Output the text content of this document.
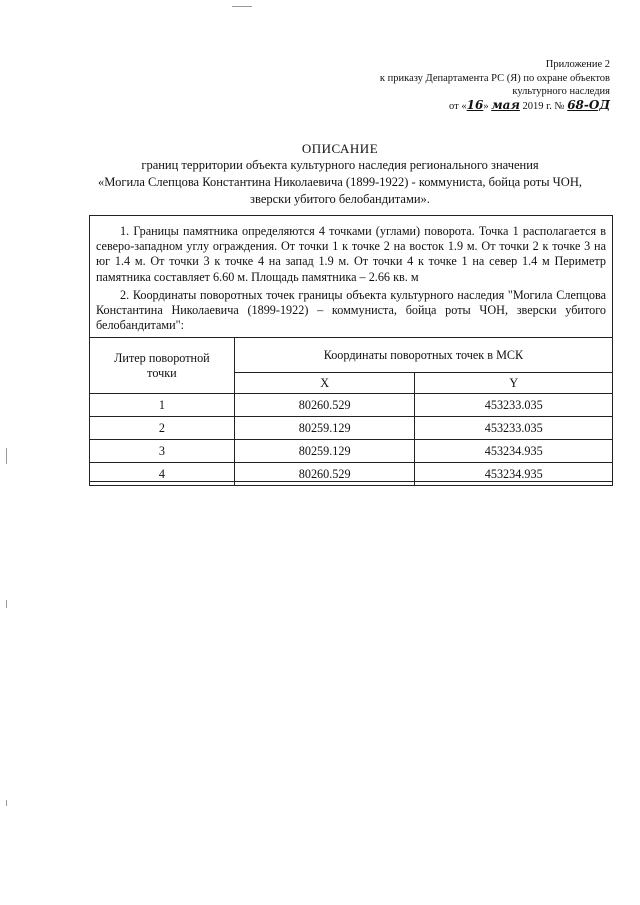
Приложение 2
к приказу Департамента РС (Я) по охране объектов
культурного наследия
от «16» мая 2019 г. № 68-ОД
ОПИСАНИЕ
границ территории объекта культурного наследия регионального значения
«Могила Слепцова Константина Николаевича (1899-1922) - коммуниста, бойца роты ЧОН,
зверски убитого белобандитами».
1. Границы памятника определяются 4 точками (углами) поворота. Точка 1 располагается в северо-западном углу ограждения. От точки 1 к точке 2 на восток 1.9 м. От точки 2 к точке 3 на юг 1.4 м. От точки 3 к точке 4 на запад 1.9 м. От точки 4 к точке 1 на север 1.4 м Периметр памятника составляет 6.60 м. Площадь памятника – 2.66 кв. м
2. Координаты поворотных точек границы объекта культурного наследия "Могила Слепцова Константина Николаевича (1899-1922) – коммуниста, бойца роты ЧОН, зверски убитого белобандитами":
Литер поворотной точки	Координаты поворотных точек в МСК	
	X	Y
1	80260.529	453233.035
2	80259.129	453233.035
3	80259.129	453234.935
4	80260.529	453234.935
